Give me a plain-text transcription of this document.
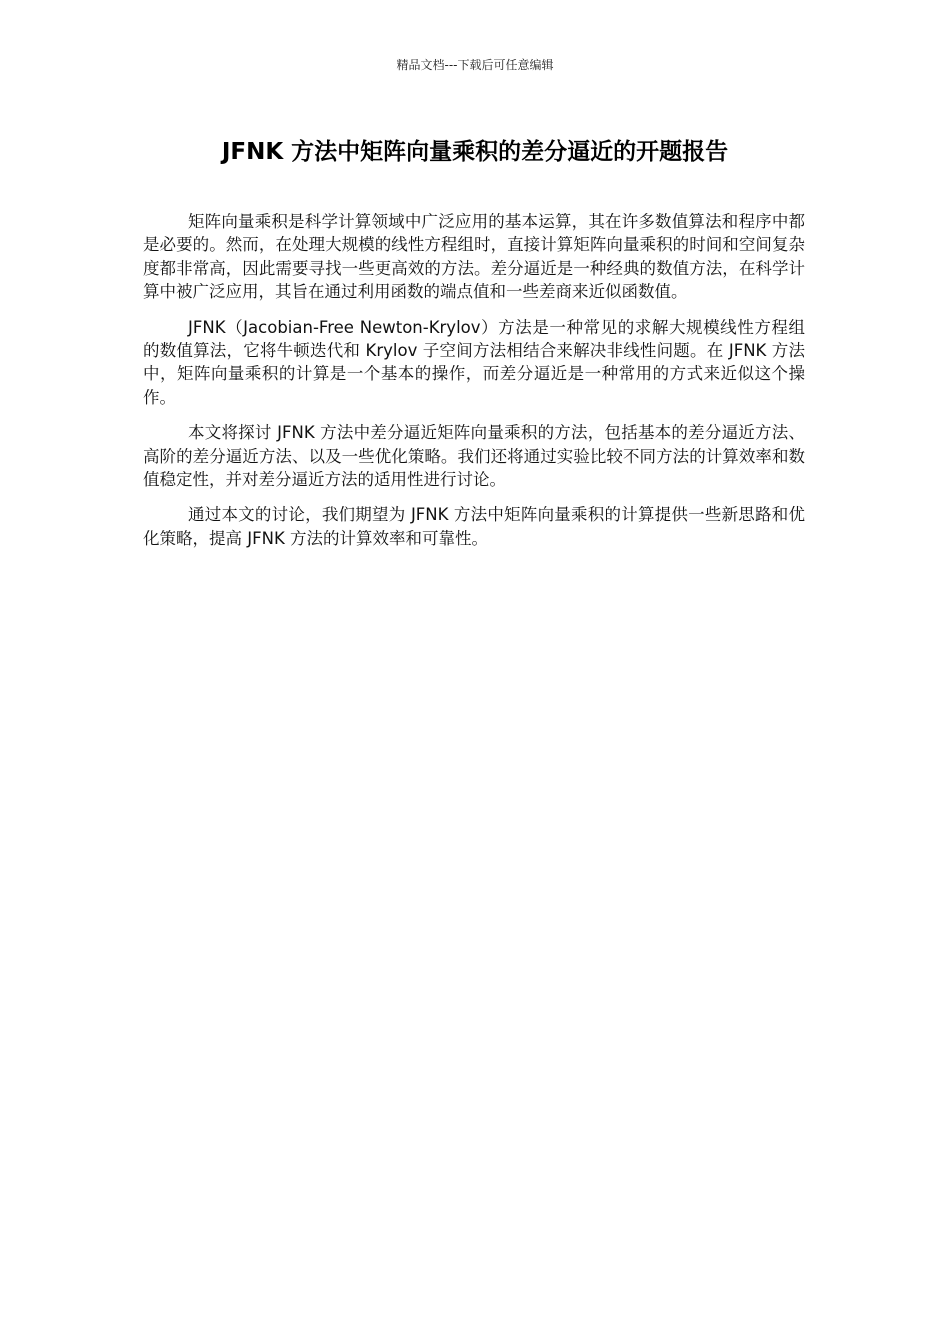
精品文档---下载后可任意编辑
JFNK 方法中矩阵向量乘积的差分逼近的开题报告

矩阵向量乘积是科学计算领域中广泛应用的基本运算，其在许多数值算法和程序中都是必要的。然而，在处理大规模的线性方程组时，直接计算矩阵向量乘积的时间和空间复杂度都非常高，因此需要寻找一些更高效的方法。差分逼近是一种经典的数值方法，在科学计算中被广泛应用，其旨在通过利用函数的端点值和一些差商来近似函数值。

JFNK（Jacobian-Free Newton-Krylov）方法是一种常见的求解大规模线性方程组的数值算法，它将牛顿迭代和 Krylov 子空间方法相结合来解决非线性问题。在 JFNK 方法中，矩阵向量乘积的计算是一个基本的操作，而差分逼近是一种常用的方式来近似这个操作。

本文将探讨 JFNK 方法中差分逼近矩阵向量乘积的方法，包括基本的差分逼近方法、高阶的差分逼近方法、以及一些优化策略。我们还将通过实验比较不同方法的计算效率和数值稳定性，并对差分逼近方法的适用性进行讨论。

通过本文的讨论，我们期望为 JFNK 方法中矩阵向量乘积的计算提供一些新思路和优化策略，提高 JFNK 方法的计算效率和可靠性。
